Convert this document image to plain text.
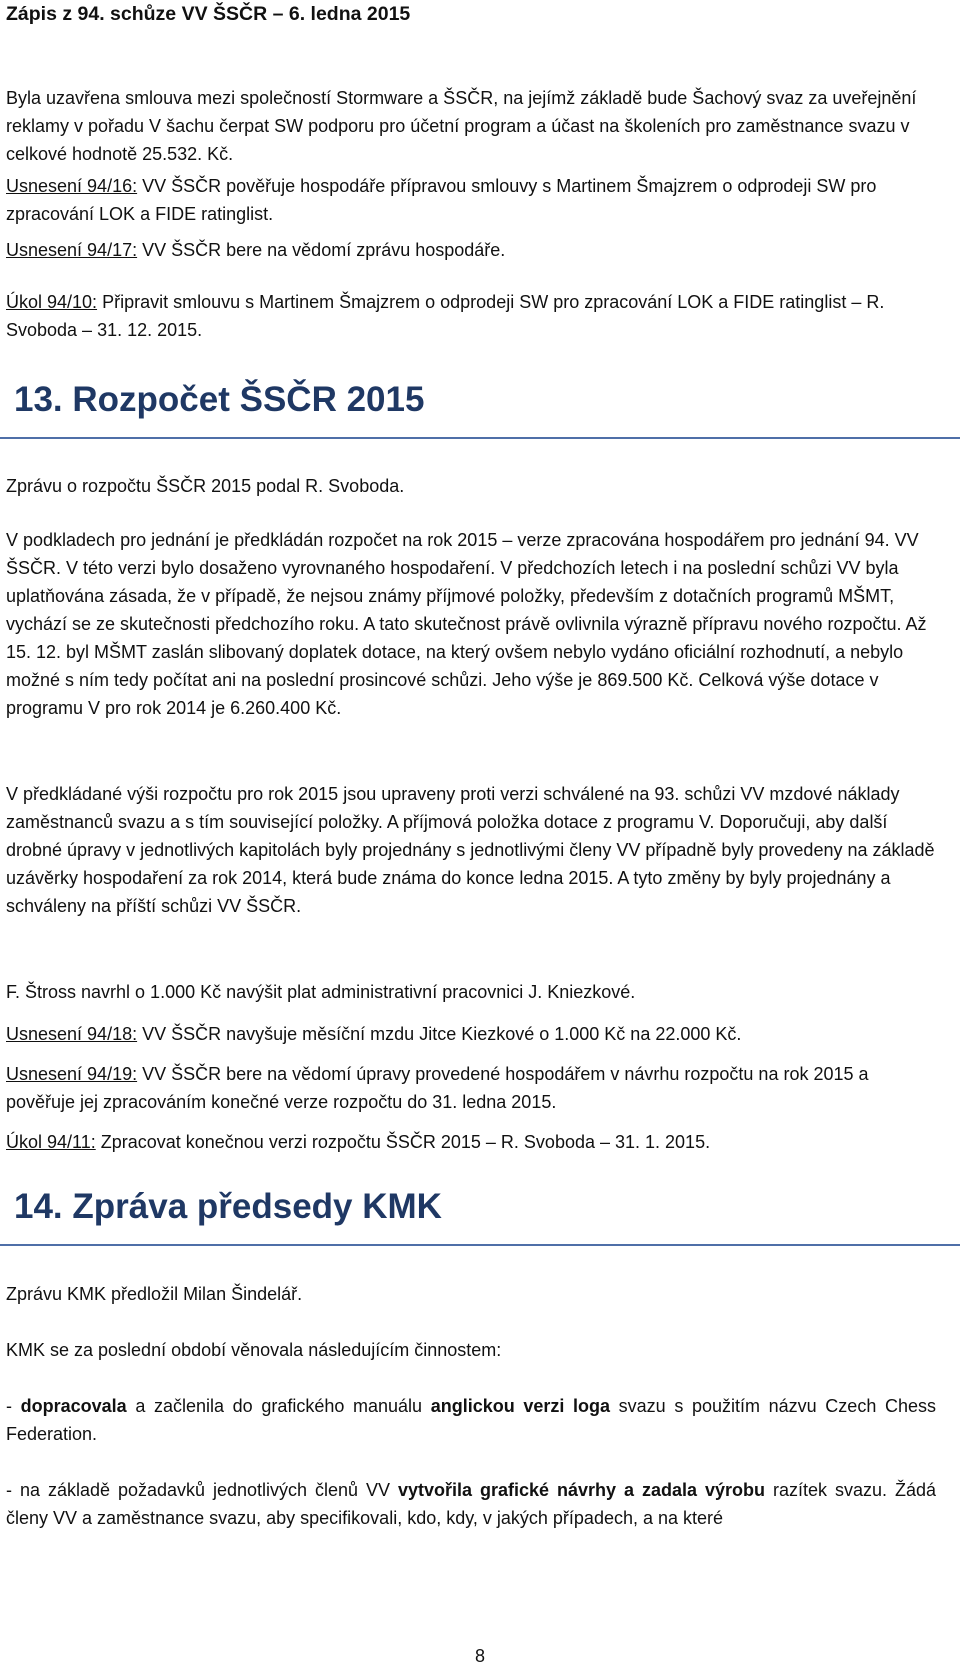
Zápis z 94. schůze VV ŠSČR – 6. ledna 2015

Byla uzavřena smlouva mezi společností Stormware a ŠSČR, na jejímž základě bude Šachový svaz za uveřejnění reklamy v pořadu V šachu čerpat SW podporu pro účetní program a účast na školeních pro zaměstnance svazu v celkové hodnotě 25.532. Kč.

Usnesení 94/16: VV ŠSČR pověřuje hospodáře přípravou smlouvy s Martinem Šmajzrem o odprodeji SW pro zpracování LOK a FIDE ratinglist.

Usnesení 94/17: VV ŠSČR bere na vědomí zprávu hospodáře.

Úkol 94/10: Připravit smlouvu s Martinem Šmajzrem o odprodeji SW pro zpracování LOK a FIDE ratinglist – R. Svoboda – 31. 12. 2015.

13. Rozpočet ŠSČR 2015

Zprávu o rozpočtu ŠSČR 2015 podal R. Svoboda.

V podkladech pro jednání je předkládán rozpočet na rok 2015 – verze zpracována hospodářem pro jednání 94. VV ŠSČR. V této verzi bylo dosaženo vyrovnaného hospodaření. V předchozích letech i na poslední schůzi VV byla uplatňována zásada, že v případě, že nejsou známy příjmové položky, především z dotačních programů MŠMT, vychází se ze skutečnosti předchozího roku. A tato skutečnost právě ovlivnila výrazně přípravu nového rozpočtu. Až 15. 12. byl MŠMT zaslán slibovaný doplatek dotace, na který ovšem nebylo vydáno oficiální rozhodnutí, a nebylo možné s ním tedy počítat ani na poslední prosincové schůzi. Jeho výše je 869.500 Kč. Celková výše dotace v programu V pro rok 2014 je 6.260.400 Kč.

V předkládané výši rozpočtu pro rok 2015 jsou upraveny proti verzi schválené na 93. schůzi VV mzdové náklady zaměstnanců svazu a s tím související položky. A příjmová položka dotace z programu V. Doporučuji, aby další drobné úpravy v jednotlivých kapitolách byly projednány s jednotlivými členy VV případně byly provedeny na základě uzávěrky hospodaření za rok 2014, která bude známa do konce ledna 2015. A tyto změny by byly projednány a schváleny na příští schůzi VV ŠSČR.

F. Štross navrhl o 1.000 Kč navýšit plat administrativní pracovnici J. Kniezkové.

Usnesení 94/18: VV ŠSČR navyšuje měsíční mzdu Jitce Kiezkové o 1.000 Kč na 22.000 Kč.

Usnesení 94/19: VV ŠSČR bere na vědomí úpravy provedené hospodářem v návrhu rozpočtu na rok 2015 a pověřuje jej zpracováním konečné verze rozpočtu do 31. ledna 2015.

Úkol 94/11: Zpracovat konečnou verzi rozpočtu ŠSČR 2015 – R. Svoboda – 31. 1. 2015.

14. Zpráva předsedy KMK

Zprávu KMK předložil Milan Šindelář.

KMK se za poslední období věnovala následujícím činnostem:

- dopracovala a začlenila do grafického manuálu anglickou verzi loga svazu s použitím názvu Czech Chess Federation.

- na základě požadavků jednotlivých členů VV vytvořila grafické návrhy a zadala výrobu razítek svazu. Žádá členy VV a zaměstnance svazu, aby specifikovali, kdo, kdy, v jakých případech, a na které

8
